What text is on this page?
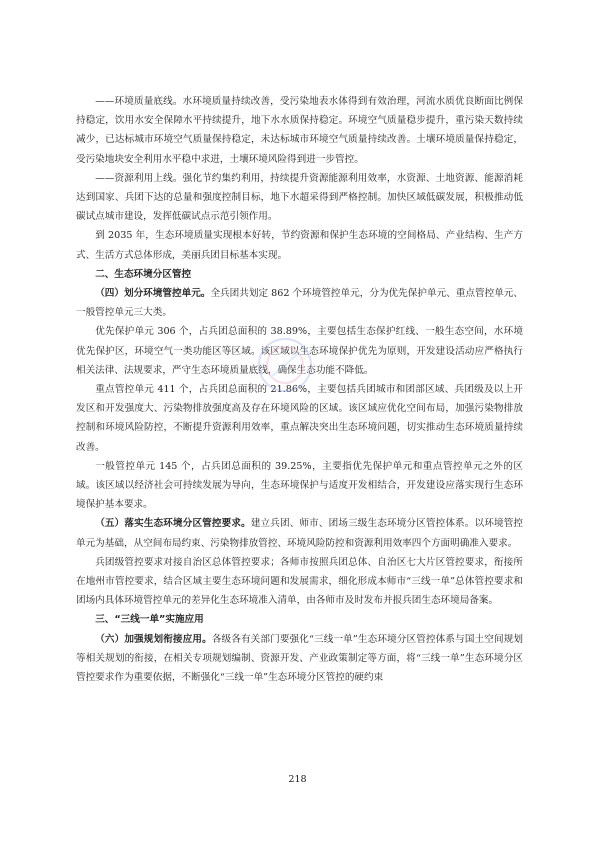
——环境质量底线。水环境质量持续改善，受污染地表水体得到有效治理，河流水质优良断面比例保持稳定，饮用水安全保障水平持续提升，地下水水质保持稳定。环境空气质量稳步提升，重污染天数持续减少，已达标城市环境空气质量保持稳定，未达标城市环境空气质量持续改善。土壤环境质量保持稳定，受污染地块安全利用水平稳中求进，土壤环境风险得到进一步管控。

——资源利用上线。强化节约集约利用，持续提升资源能源利用效率，水资源、土地资源、能源消耗达到国家、兵团下达的总量和强度控制目标，地下水超采得到严格控制。加快区域低碳发展，积极推动低碳试点城市建设，发挥低碳试点示范引领作用。

到 2035 年，生态环境质量实现根本好转，节约资源和保护生态环境的空间格局、产业结构、生产方式、生活方式总体形成，美丽兵团目标基本实现。

二、生态环境分区管控

（四）划分环境管控单元。全兵团共划定 862 个环境管控单元，分为优先保护单元、重点管控单元、一般管控单元三大类。

优先保护单元 306 个，占兵团总面积的 38.89%，主要包括生态保护红线、一般生态空间，水环境优先保护区，环境空气一类功能区等区域。该区域以生态环境保护优先为原则，开发建设活动应严格执行相关法律、法规要求，严守生态环境质量底线，确保生态功能不降低。

重点管控单元 411 个，占兵团总面积的 21.86%，主要包括兵团城市和团部区域、兵团级及以上开发区和开发强度大、污染物排放强度高及存在环境风险的区域。该区域应优化空间布局，加强污染物排放控制和环境风险防控，不断提升资源利用效率，重点解决突出生态环境问题，切实推动生态环境质量持续改善。

一般管控单元 145 个，占兵团总面积的 39.25%，主要指优先保护单元和重点管控单元之外的区域。该区域以经济社会可持续发展为导向，生态环境保护与适度开发相结合，开发建设应落实现行生态环境保护基本要求。

（五）落实生态环境分区管控要求。建立兵团、师市、团场三级生态环境分区管控体系。以环境管控单元为基础，从空间布局约束、污染物排放管控、环境风险防控和资源利用效率四个方面明确准入要求。

兵团级管控要求对接自治区总体管控要求；各师市按照兵团总体、自治区七大片区管控要求，衔接所在地州市管控要求，结合区域主要生态环境问题和发展需求，细化形成本师市“三线一单”总体管控要求和团场内具体环境管控单元的差异化生态环境准入清单，由各师市及时发布并报兵团生态环境局备案。

三、“三线一单”实施应用

（六）加强规划衔接应用。各级各有关部门要强化“三线一单”生态环境分区管控体系与国土空间规划等相关规划的衔接，在相关专项规划编制、资源开发、产业政策制定等方面，将“三线一单”生态环境分区管控要求作为重要依据，不断强化“三线一单”生态环境分区管控的硬约束

218
